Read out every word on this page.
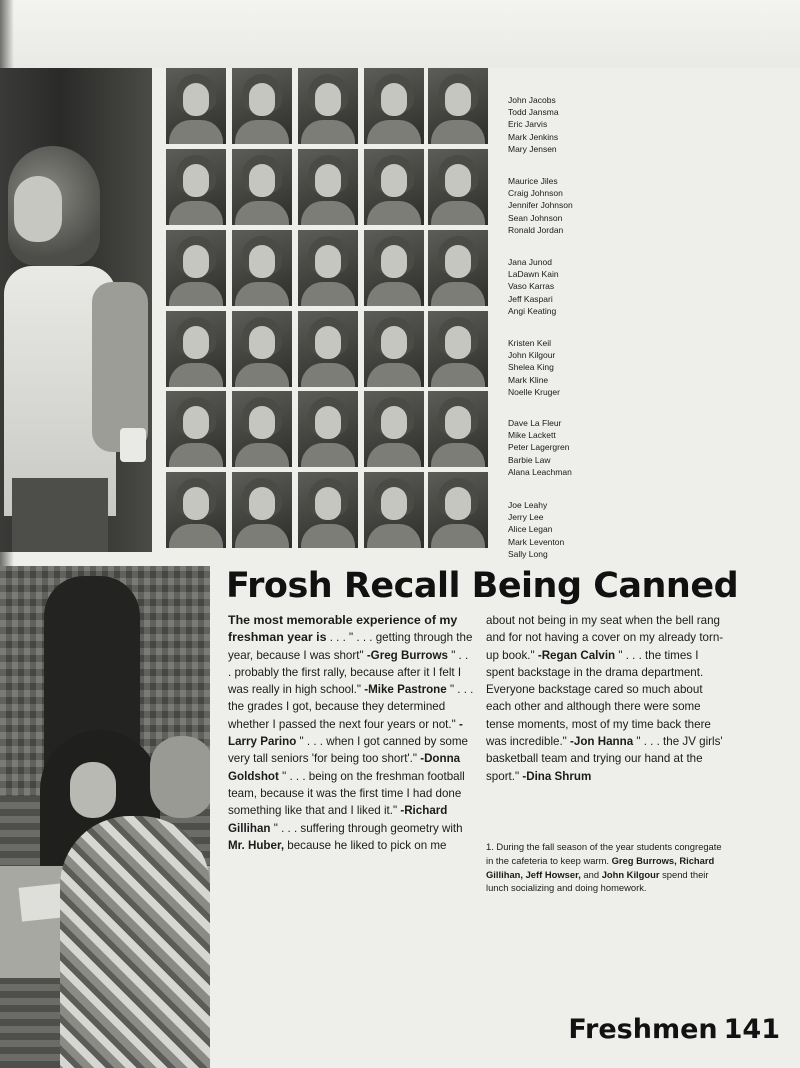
John Jacobs
Todd Jansma
Eric Jarvis
Mark Jenkins
Mary Jensen
Maurice Jiles
Craig Johnson
Jennifer Johnson
Sean Johnson
Ronald Jordan
Jana Junod
LaDawn Kain
Vaso Karras
Jeff Kaspari
Angi Keating
Kristen Keil
John Kilgour
Shelea King
Mark Kline
Noelle Kruger
Dave La Fleur
Mike Lackett
Peter Lagergren
Barbie Law
Alana Leachman
Joe Leahy
Jerry Lee
Alice Legan
Mark Leventon
Sally Long
Frosh Recall Being Canned
The most memorable experience of my freshman year is . . . " . . . getting through the year, because I was short" -Greg Burrows " . . . probably the first rally, because after it I felt I was really in high school." -Mike Pastrone " . . . the grades I got, because they determined whether I passed the next four years or not." -Larry Parino " . . . when I got canned by some very tall seniors 'for being too short'." -Donna Goldshot " . . . being on the freshman football team, because it was the first time I had done something like that and I liked it." -Richard Gillihan " . . . suffering through geometry with Mr. Huber, because he liked to pick on me
about not being in my seat when the bell rang and for not having a cover on my already torn-up book." -Regan Calvin " . . . the times I spent backstage in the drama department. Everyone backstage cared so much about each other and although there were some tense moments, most of my time back there was incredible." -Jon Hanna " . . . the JV girls' basketball team and trying our hand at the sport." -Dina Shrum
1. During the fall season of the year students congregate in the cafeteria to keep warm. Greg Burrows, Richard Gillihan, Jeff Howser, and John Kilgour spend their lunch socializing and doing homework.
Freshmen 141
